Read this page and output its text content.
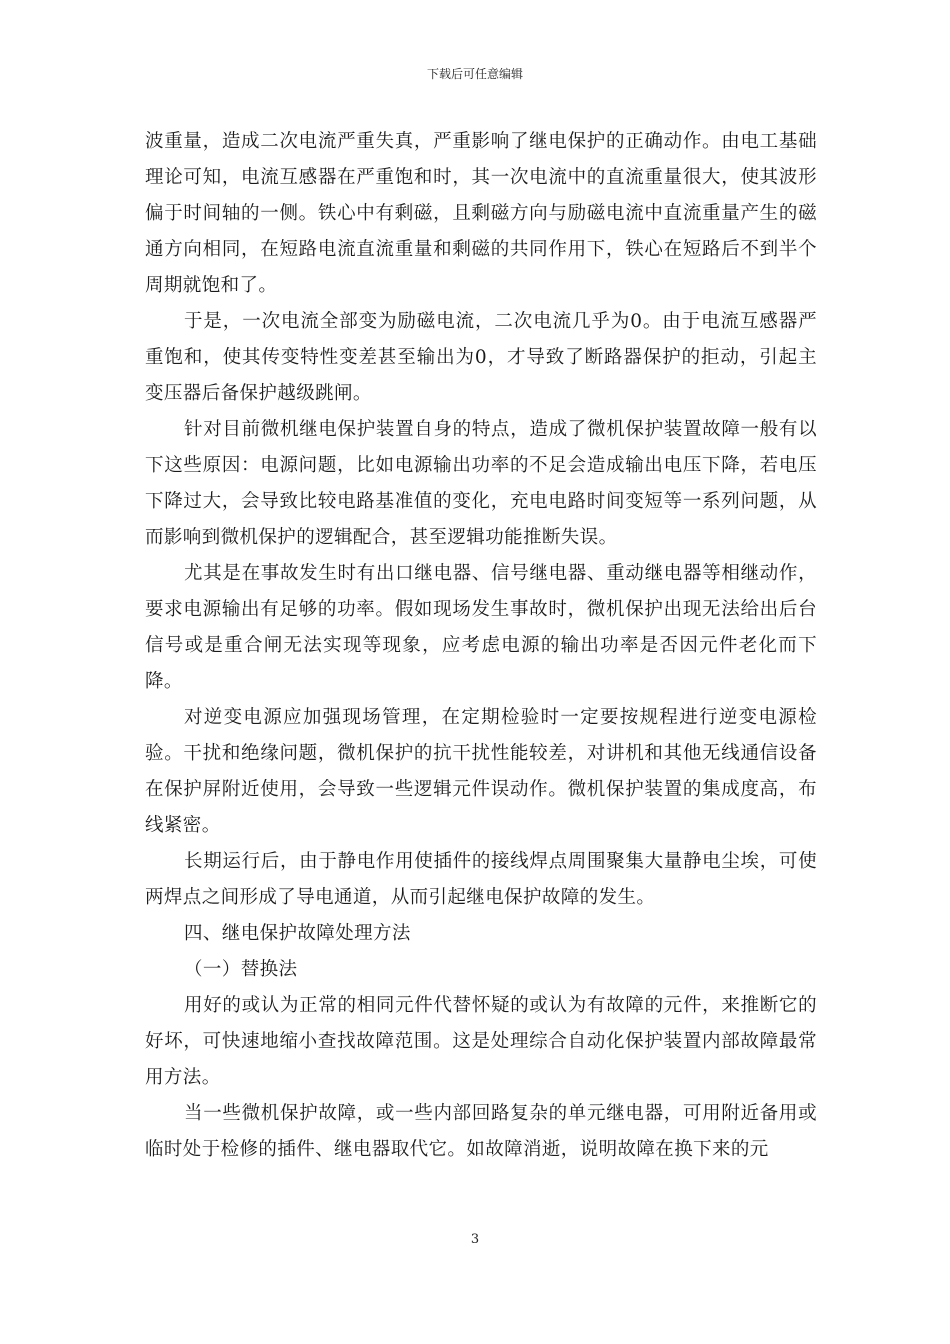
下载后可任意编辑

波重量，造成二次电流严重失真，严重影响了继电保护的正确动作。由电工基础理论可知，电流互感器在严重饱和时，其一次电流中的直流重量很大，使其波形偏于时间轴的一侧。铁心中有剩磁，且剩磁方向与励磁电流中直流重量产生的磁通方向相同，在短路电流直流重量和剩磁的共同作用下，铁心在短路后不到半个周期就饱和了。

于是，一次电流全部变为励磁电流，二次电流几乎为0。由于电流互感器严重饱和，使其传变特性变差甚至输出为0，才导致了断路器保护的拒动，引起主变压器后备保护越级跳闸。

针对目前微机继电保护装置自身的特点，造成了微机保护装置故障一般有以下这些原因：电源问题，比如电源输出功率的不足会造成输出电压下降，若电压下降过大，会导致比较电路基准值的变化，充电电路时间变短等一系列问题，从而影响到微机保护的逻辑配合，甚至逻辑功能推断失误。

尤其是在事故发生时有出口继电器、信号继电器、重动继电器等相继动作，要求电源输出有足够的功率。假如现场发生事故时，微机保护出现无法给出后台信号或是重合闸无法实现等现象，应考虑电源的输出功率是否因元件老化而下降。

对逆变电源应加强现场管理，在定期检验时一定要按规程进行逆变电源检验。干扰和绝缘问题，微机保护的抗干扰性能较差，对讲机和其他无线通信设备在保护屏附近使用，会导致一些逻辑元件误动作。微机保护装置的集成度高，布线紧密。

长期运行后，由于静电作用使插件的接线焊点周围聚集大量静电尘埃，可使两焊点之间形成了导电通道，从而引起继电保护故障的发生。

四、继电保护故障处理方法

（一）替换法

用好的或认为正常的相同元件代替怀疑的或认为有故障的元件，来推断它的好坏，可快速地缩小查找故障范围。这是处理综合自动化保护装置内部故障最常用方法。

当一些微机保护故障，或一些内部回路复杂的单元继电器，可用附近备用或临时处于检修的插件、继电器取代它。如故障消逝，说明故障在换下来的元

3
